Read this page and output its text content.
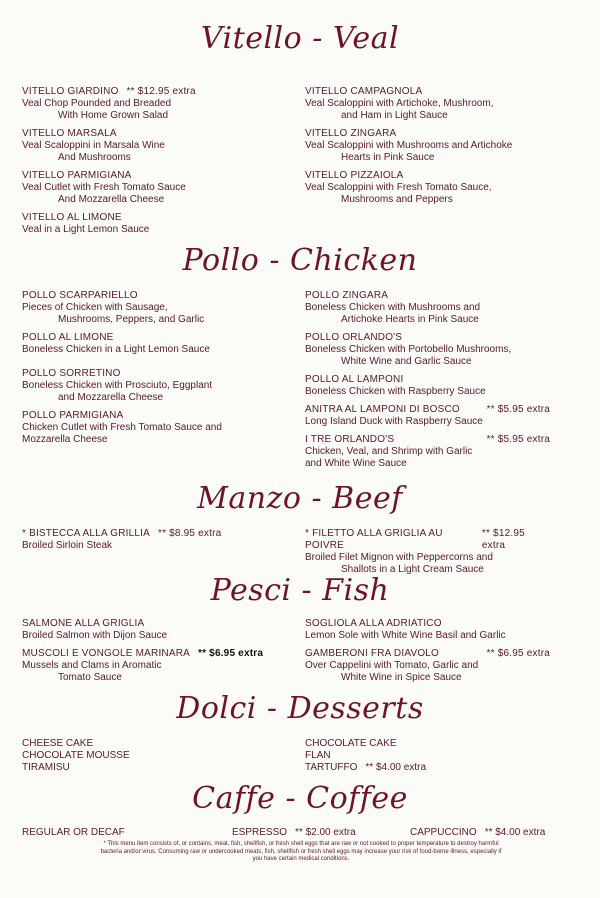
Vitello - Veal
VITELLO GIARDINO ** $12.95 extra
Veal Chop Pounded and Breaded
With Home Grown Salad
VITELLO MARSALA
Veal Scaloppini in Marsala Wine
And Mushrooms
VITELLO PARMIGIANA
Veal Cutlet with Fresh Tomato Sauce
And Mozzarella Cheese
VITELLO AL LIMONE
Veal in a Light Lemon Sauce
VITELLO CAMPAGNOLA
Veal Scaloppini with Artichoke, Mushroom,
and Ham in Light Sauce
VITELLO ZINGARA
Veal Scaloppini with Mushrooms and Artichoke
Hearts in Pink Sauce
VITELLO PIZZAIOLA
Veal Scaloppini with Fresh Tomato Sauce,
Mushrooms and Peppers
Pollo - Chicken
POLLO SCARPARIELLO
Pieces of Chicken with Sausage,
Mushrooms, Peppers, and Garlic
POLLO AL LIMONE
Boneless Chicken in a Light Lemon Sauce
POLLO SORRETINO
Boneless Chicken with Prosciuto, Eggplant
and Mozzarella Cheese
POLLO PARMIGIANA
Chicken Cutlet with Fresh Tomato Sauce and
Mozzarella Cheese
POLLO ZINGARA
Boneless Chicken with Mushrooms and
Artichoke Hearts in Pink Sauce
POLLO ORLANDO'S
Boneless Chicken with Portobello Mushrooms,
White Wine and Garlic Sauce
POLLO AL LAMPONI
Boneless Chicken with Raspberry Sauce
ANITRA AL LAMPONI DI BOSCO	** $5.95 extra
Long Island Duck with Raspberry Sauce
I TRE ORLANDO'S	** $5.95 extra
Chicken, Veal, and Shrimp with Garlic
and White Wine Sauce
Manzo - Beef
* BISTECCA ALLA GRILLIA ** $8.95 extra
Broiled Sirloin Steak
* FILETTO ALLA GRIGLIA AU POIVRE
** $12.95 extra
Broiled Filet Mignon with Peppercorns and
Shallots in a Light Cream Sauce
Pesci - Fish
SALMONE ALLA GRIGLIA
Broiled Salmon with Dijon Sauce
MUSCOLI E VONGOLE MARINARA ** $6.95 extra
Mussels and Clams in Aromatic
Tomato Sauce
SOGLIOLA ALLA ADRIATICO
Lemon Sole with White Wine Basil and Garlic
GAMBERONI FRA DIAVOLO	** $6.95 extra
Over Cappelini with Tomato, Garlic and
White Wine in Spice Sauce
Dolci - Desserts
CHEESE CAKE
CHOCOLATE MOUSSE
TIRAMISU
CHOCOLATE CAKE
FLAN
TARTUFFO ** $4.00 extra
Caffe - Coffee
REGULAR OR DECAF	ESPRESSO ** $2.00 extra	CAPPUCCINO ** $4.00 extra
* This menu item consists of, or contains, meat, fish, shellfish, or fresh shell eggs that are raw or not cooked to proper temperature to destroy harmful bacteria and/or virus. Consuming raw or undercooked meats, fish, shellfish or fresh shell eggs may increase your risk of food-borne illness, especially if you have certain medical conditions.
